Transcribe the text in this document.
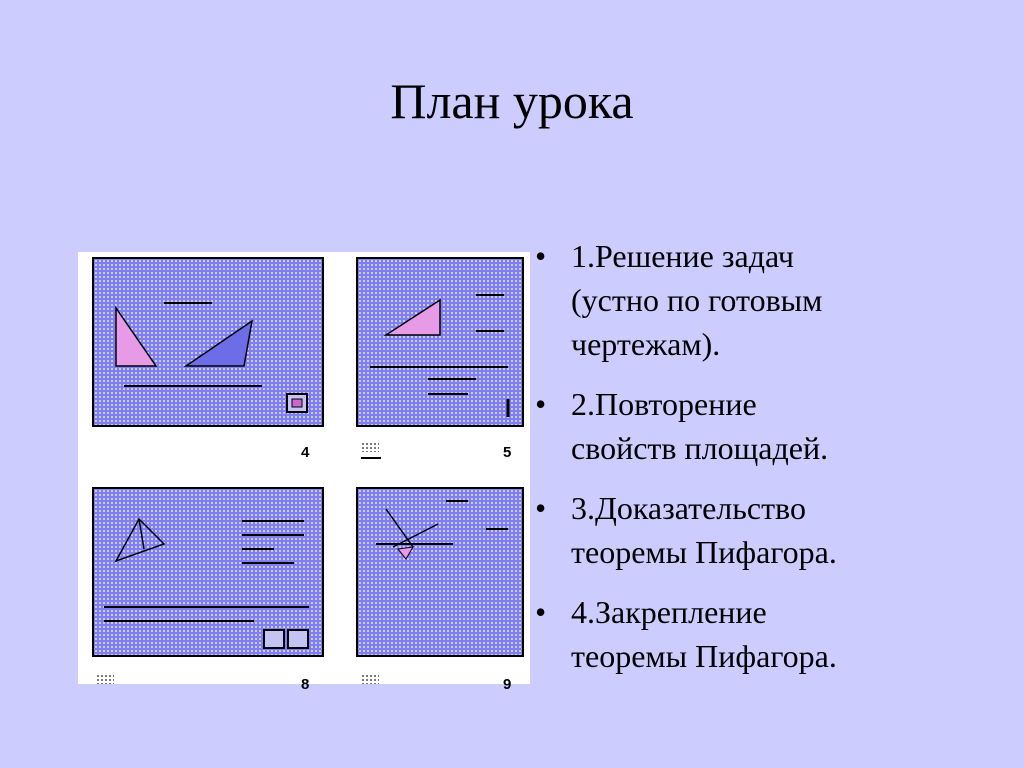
План урока
4	5
8	9
• 1.Решение задач
(устно по готовым
чертежам).
• 2.Повторение
свойств площадей.
• 3.Доказательство
теоремы Пифагора.
• 4.Закрепление
теоремы Пифагора.
